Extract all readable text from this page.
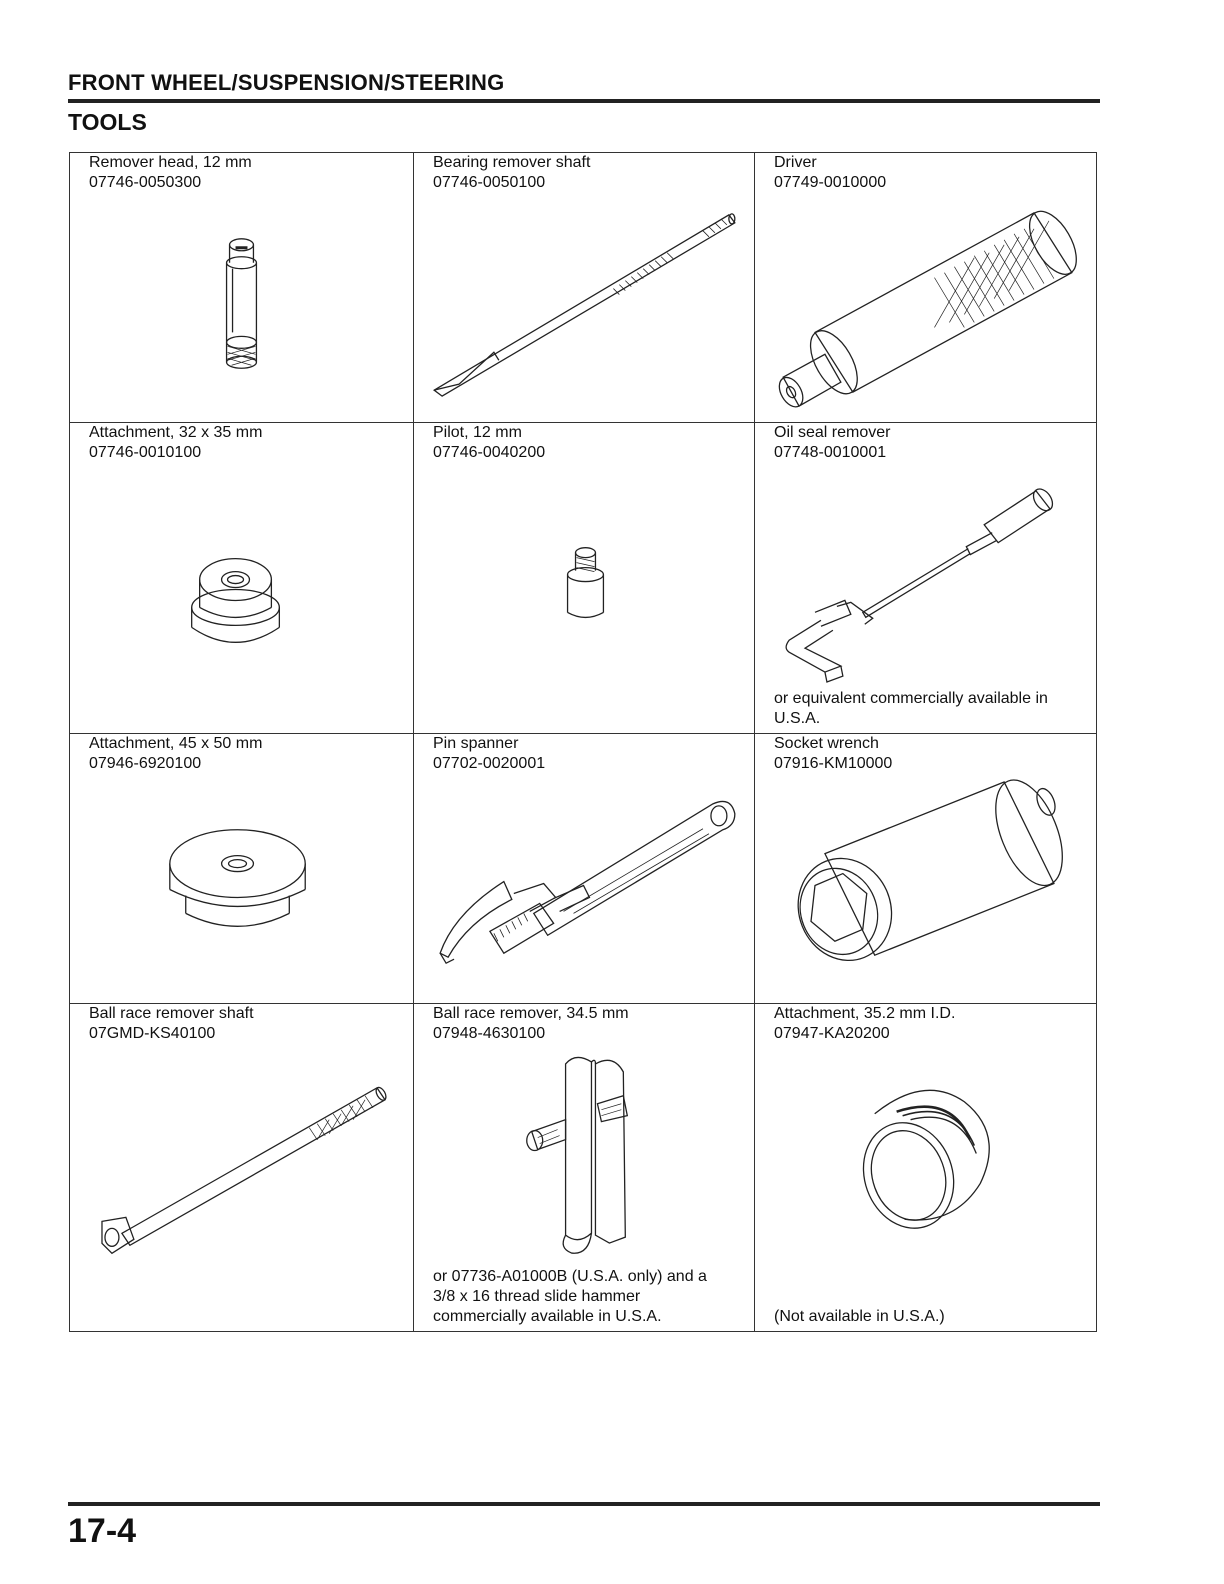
FRONT WHEEL/SUSPENSION/STEERING
TOOLS
Remover head, 12 mm
07746-0050300
Bearing remover shaft
07746-0050100
Driver
07749-0010000
Attachment, 32 x 35 mm
07746-0010100
Pilot, 12 mm
07746-0040200
Oil seal remover
07748-0010001
or equivalent commercially available in U.S.A.
Attachment, 45 x 50 mm
07946-6920100
Pin spanner
07702-0020001
Socket wrench
07916-KM10000
Ball race remover shaft
07GMD-KS40100
Ball race remover, 34.5 mm
07948-4630100
or 07736-A01000B (U.S.A. only) and a 3/8 x 16 thread slide hammer commercially available in U.S.A.
Attachment, 35.2 mm I.D.
07947-KA20200
(Not available in U.S.A.)
17-4
